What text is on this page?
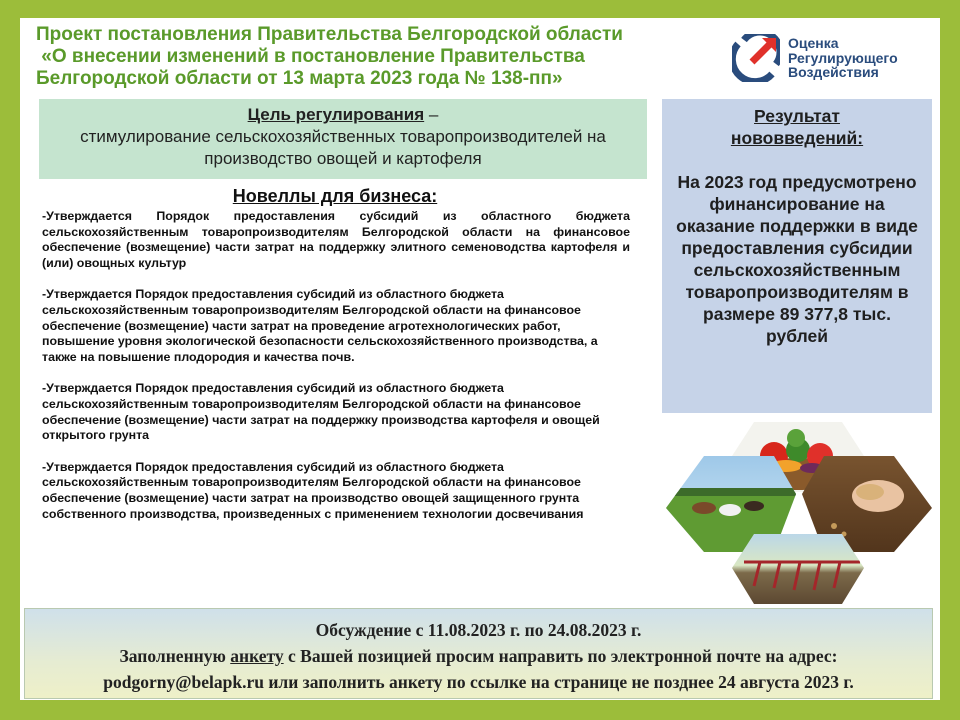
Проект постановления Правительства Белгородской области
«О внесении изменений в постановление Правительства
Белгородской области от 13 марта 2023 года № 138-пп»
Оценка
Регулирующего
Воздействия
Цель регулирования –
стимулирование сельскохозяйственных товаропроизводителей на производство овощей и картофеля
Результат
нововведений:
На 2023 год предусмотрено финансирование на оказание поддержки в виде предоставления субсидии сельскохозяйственным товаропроизводителям в размере 89 377,8 тыс. рублей
Новеллы для бизнеса:
-Утверждается Порядок предоставления субсидий из областного бюджета сельскохозяйственным товаропроизводителям Белгородской области на финансовое обеспечение (возмещение) части затрат на поддержку элитного семеноводства картофеля и (или) овощных культур
-Утверждается Порядок предоставления субсидий из областного бюджета сельскохозяйственным товаропроизводителям Белгородской области на финансовое обеспечение (возмещение) части затрат на проведение агротехнологических работ, повышение уровня экологической безопасности сельскохозяйственного производства, а также на повышение плодородия и качества почв.
-Утверждается Порядок предоставления субсидий из областного бюджета сельскохозяйственным товаропроизводителям Белгородской области на финансовое обеспечение (возмещение) части затрат на поддержку производства картофеля и овощей открытого грунта
-Утверждается Порядок предоставления субсидий из областного бюджета сельскохозяйственным товаропроизводителям Белгородской области на финансовое обеспечение (возмещение) части затрат на производство овощей защищенного грунта собственного производства, произведенных с применением технологии досвечивания
Обсуждение с 11.08.2023 г. по 24.08.2023 г.
Заполненную анкету с Вашей позицией просим направить по электронной почте на адрес:
podgorny@belapk.ru или заполнить анкету по ссылке на странице не позднее 24 августа 2023 г.
